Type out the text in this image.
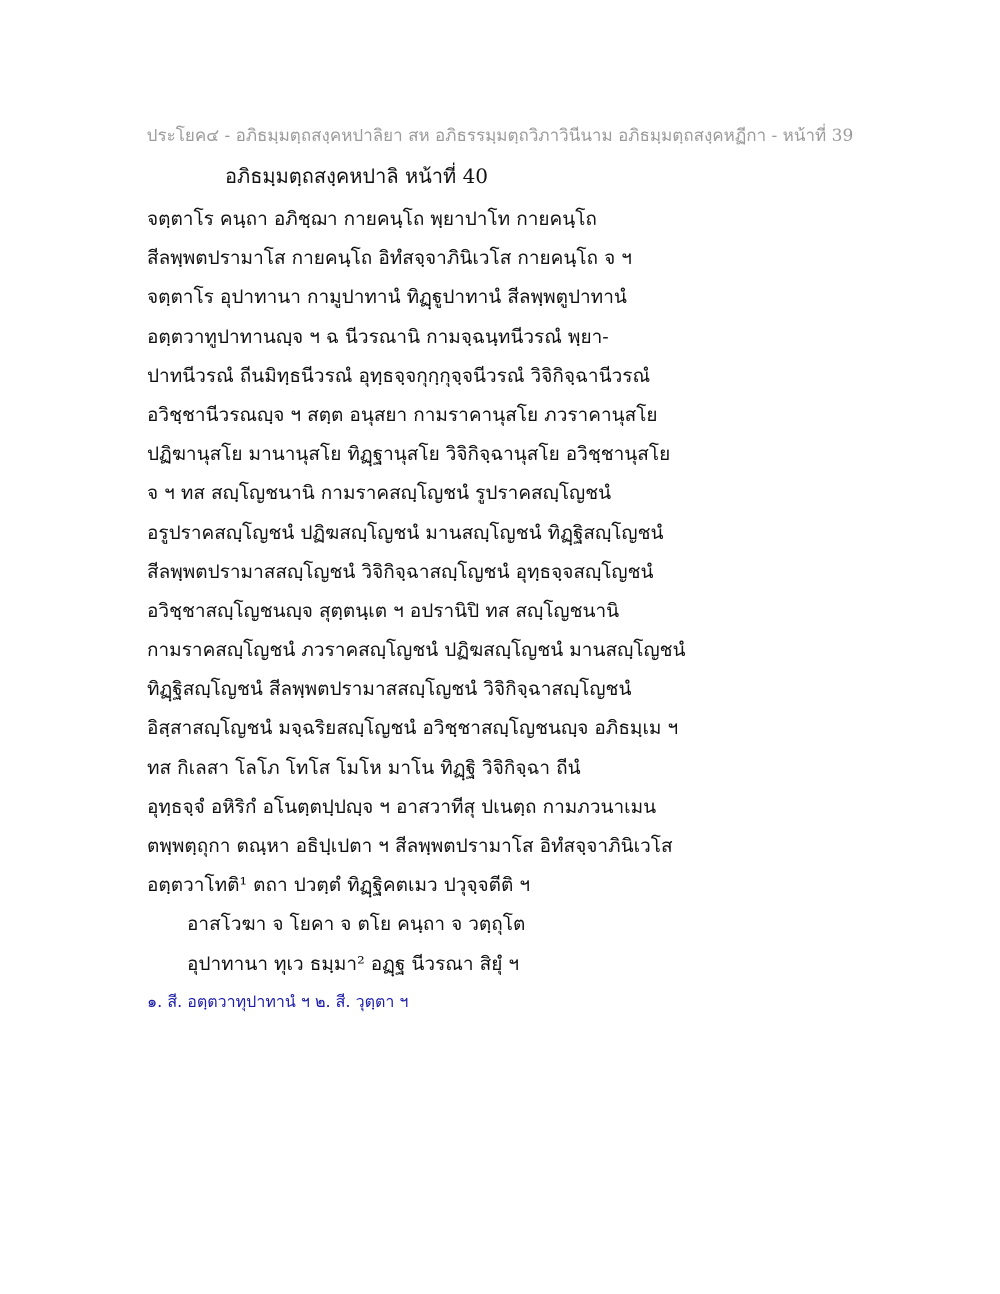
ประโยค๔ - อภิธมฺมตฺถสงฺคหปาลิยา สห อภิธรรมฺมตฺถวิภาวินีนาม อภิธมฺมตฺถสงฺคหฏีกา - หน้าที่ 39
อภิธมฺมตฺถสงฺคหปาลิ หน้าที่ 40
จตฺตาโร คนฺถา อภิชฺฌา กายคนฺโถ พฺยาปาโท กายคนฺโถ
สีลพฺพตปรามาโส กายคนฺโถ อิทํสจฺจาภินิเวโส กายคนฺโถ จ ฯ
จตฺตาโร อุปาทานา กามูปาทานํ ทิฏฺฐูปาทานํ สีลพฺพตูปาทานํ
อตฺตวาทูปาทานญฺจ ฯ ฉ นีวรณานิ กามจฺฉนฺทนีวรณํ พฺยา-
ปาทนีวรณํ ถีนมิทฺธนีวรณํ อุทฺธจฺจกุกฺกุจฺจนีวรณํ วิจิกิจฺฉานีวรณํ
อวิชฺชานีวรณญฺจ ฯ สตฺต อนุสยา กามราคานุสโย ภวราคานุสโย
ปฏิฆานุสโย มานานุสโย ทิฏฺฐานุสโย วิจิกิจฺฉานุสโย อวิชฺชานุสโย
จ ฯ ทส สญฺโญชนานิ กามราคสญฺโญชนํ รูปราคสญฺโญชนํ
อรูปราคสญฺโญชนํ ปฏิฆสญฺโญชนํ มานสญฺโญชนํ ทิฏฺฐิสญฺโญชนํ
สีลพฺพตปรามาสสญฺโญชนํ วิจิกิจฺฉาสญฺโญชนํ อุทฺธจฺจสญฺโญชนํ
อวิชฺชาสญฺโญชนญฺจ สุตฺตนฺเต ฯ อปรานิปิ ทส สญฺโญชนานิ
กามราคสญฺโญชนํ ภวราคสญฺโญชนํ ปฏิฆสญฺโญชนํ มานสญฺโญชนํ
ทิฏฺฐิสญฺโญชนํ สีลพฺพตปรามาสสญฺโญชนํ วิจิกิจฺฉาสญฺโญชนํ
อิสฺสาสญฺโญชนํ มจฺฉริยสญฺโญชนํ อวิชฺชาสญฺโญชนญฺจ อภิธมฺเม ฯ
ทส กิเลสา โลโภ โทโส โมโห มาโน ทิฏฺฐิ วิจิกิจฺฉา ถีนํ
อุทฺธจฺจํ อหิริกํ อโนตฺตปฺปญฺจ ฯ อาสวาทีสุ ปเนตฺถ กามภวนาเมน
ตพฺพตฺถุกา ตณฺหา อธิปฺเปตา ฯ สีลพฺพตปรามาโส อิทํสจฺจาภินิเวโส
อตฺตวาโทติ¹ ตถา ปวตฺตํ ทิฏฺฐิคตเมว ปวุจฺจตีติ ฯ
อาสโวฆา จ โยคา จ ตโย คนฺถา จ วตฺถุโต
อุปาทานา ทุเว ธมฺมา² อฏฺฐ นีวรณา สิยุํ ฯ
๑. สี. อตฺตวาทุปาทานํ ฯ ๒. สี. วุตฺตา ฯ
